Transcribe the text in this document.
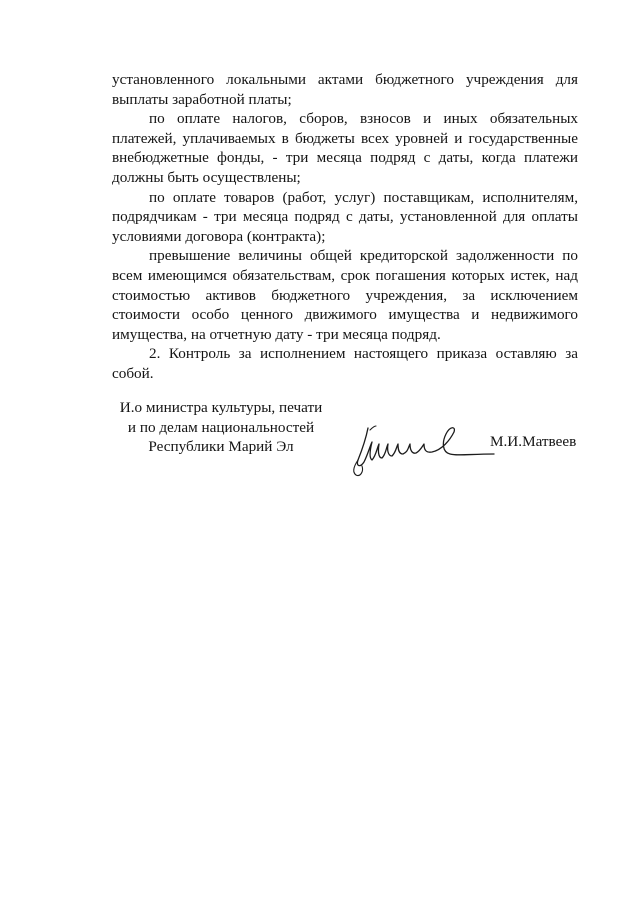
установленного локальными актами бюджетного учреждения для выплаты заработной платы;

по оплате налогов, сборов, взносов и иных обязательных платежей, уплачиваемых в бюджеты всех уровней и государственные внебюджетные фонды, - три месяца подряд с даты, когда платежи должны быть осуществлены;

по оплате товаров (работ, услуг) поставщикам, исполнителям, подрядчикам - три месяца подряд с даты, установленной для оплаты условиями договора (контракта);

превышение величины общей кредиторской задолженности по всем имеющимся обязательствам, срок погашения которых истек, над стоимостью активов бюджетного учреждения, за исключением стоимости особо ценного движимого имущества и недвижимого имущества, на отчетную дату - три месяца подряд.

2. Контроль за исполнением настоящего приказа оставляю за собой.

И.о министра культуры, печати
и по делам национальностей
Республики Марий Эл	М.И.Матвеев
